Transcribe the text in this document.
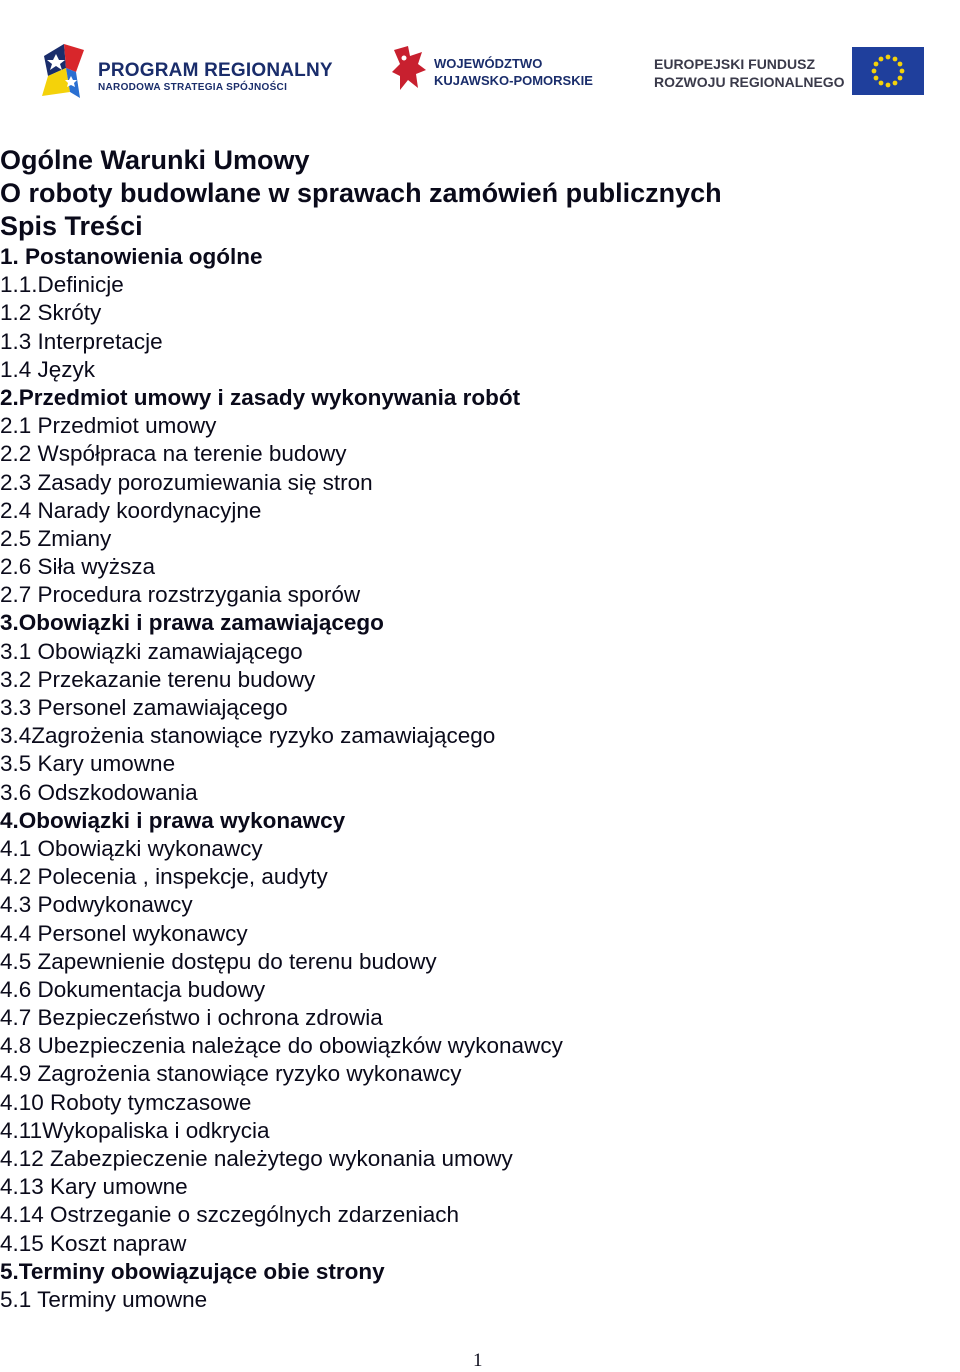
PROGRAM REGIONALNY
NARODOWA STRATEGIA SPÓJNOŚCI
WOJEWÓDZTWO
KUJAWSKO-POMORSKIE
EUROPEJSKI FUNDUSZ
ROZWOJU REGIONALNEGO
Ogólne Warunki Umowy
O roboty budowlane w sprawach zamówień publicznych
Spis Treści
1. Postanowienia ogólne
1.1.Definicje
1.2 Skróty
1.3 Interpretacje
1.4 Język
2.Przedmiot umowy i zasady wykonywania robót
2.1 Przedmiot umowy
2.2 Współpraca na terenie budowy
2.3 Zasady porozumiewania się stron
2.4 Narady koordynacyjne
2.5 Zmiany
2.6 Siła wyższa
2.7 Procedura rozstrzygania sporów
3.Obowiązki i prawa zamawiającego
3.1 Obowiązki zamawiającego
3.2 Przekazanie terenu budowy
3.3 Personel zamawiającego
3.4Zagrożenia stanowiące ryzyko zamawiającego
3.5 Kary umowne
3.6 Odszkodowania
4.Obowiązki i prawa wykonawcy
4.1 Obowiązki wykonawcy
4.2 Polecenia , inspekcje, audyty
4.3 Podwykonawcy
4.4 Personel wykonawcy
4.5 Zapewnienie dostępu do terenu budowy
4.6 Dokumentacja budowy
4.7 Bezpieczeństwo i ochrona zdrowia
4.8 Ubezpieczenia należące do obowiązków wykonawcy
4.9 Zagrożenia stanowiące ryzyko wykonawcy
4.10 Roboty tymczasowe
4.11Wykopaliska i odkrycia
4.12 Zabezpieczenie należytego wykonania umowy
4.13 Kary umowne
4.14 Ostrzeganie o szczególnych zdarzeniach
4.15 Koszt napraw
5.Terminy obowiązujące obie strony
5.1 Terminy umowne
1
